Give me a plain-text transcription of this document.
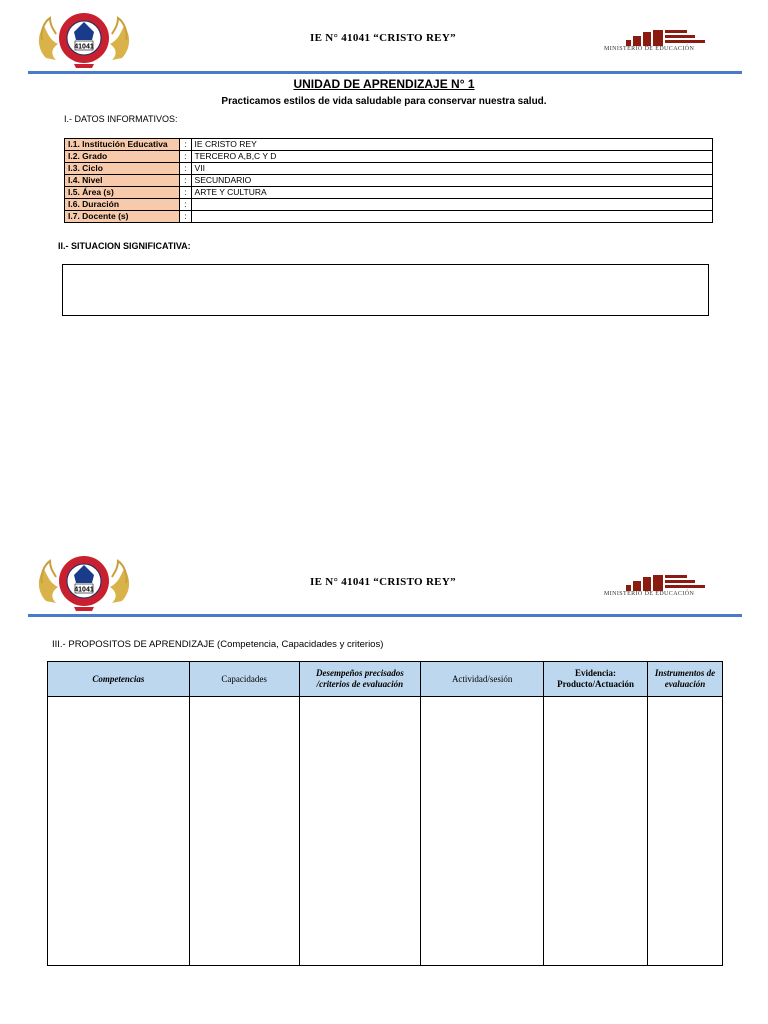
41041
IE N° 41041 “CRISTO REY”
MINISTERIO DE EDUCACIÓN
UNIDAD DE APRENDIZAJE N° 1
Practicamos estilos de vida saludable para conservar nuestra salud.
I.- DATOS INFORMATIVOS:
I.1. Institución Educativa	:	IE CRISTO REY
I.2. Grado	:	TERCERO A,B,C Y D
I.3. Ciclo	:	VII
I.4. Nivel	:	SECUNDARIO
I.5. Área (s)	:	ARTE Y CULTURA
I.6. Duración	:	
I.7. Docente (s)	:	
II.- SITUACION SIGNIFICATIVA:
41041
IE N° 41041 “CRISTO REY”
MINISTERIO DE EDUCACIÓN
III.- PROPOSITOS DE APRENDIZAJE (Competencia, Capacidades y criterios)
Competencias	Capacidades	Desempeños precisados /criterios de evaluación	Actividad/sesión	Evidencia: Producto/Actuación	Instrumentos de evaluación
